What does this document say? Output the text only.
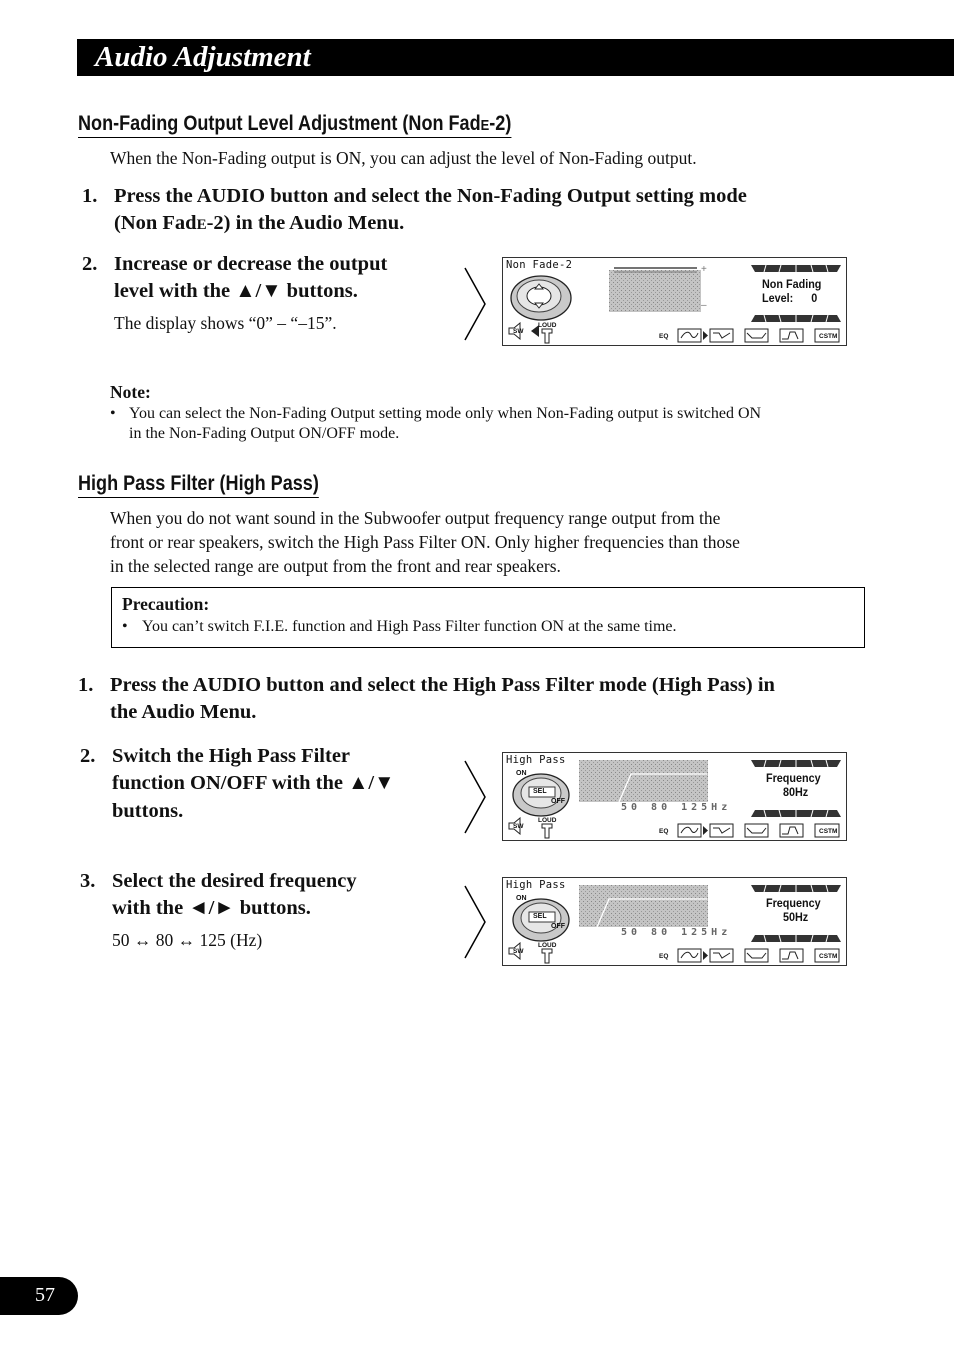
Audio Adjustment
Non-Fading Output Level Adjustment (Non FadE-2)
When the Non-Fading output is ON, you can adjust the level of Non-Fading output.
1. Press the AUDIO button and select the Non-Fading Output setting mode
(Non FadE-2) in the Audio Menu.
2. Increase or decrease the output
level with the ▲/▼ buttons.
The display shows “0” – “–15”.
Non Fade-2	+
–
Non Fading
Level:      0
SW
LOUD
EQ	CSTM
Note:
• You can select the Non-Fading Output setting mode only when Non-Fading output is switched ON
in the Non-Fading Output ON/OFF mode.
High Pass Filter (High Pass)
When you do not want sound in the Subwoofer output frequency range output from the
front or rear speakers, switch the High Pass Filter ON. Only higher frequencies than those
in the selected range are output from the front and rear speakers.
Precaution:
• You can’t switch F.I.E. function and High Pass Filter function ON at the same time.
1. Press the AUDIO button and select the High Pass Filter mode (High Pass) in
the Audio Menu.
2. Switch the High Pass Filter
function ON/OFF with the ▲/▼
buttons.
3. Select the desired frequency
with the ◄/► buttons.
50 ↔ 80 ↔ 125 (Hz)
High Pass
ON
SEL
OFF
50 80 125Hz
Frequency
80Hz
SW
LOUD
EQ	CSTM
High Pass
ON
SEL
OFF
50 80 125Hz
Frequency
50Hz
SW
LOUD
EQ	CSTM
57
